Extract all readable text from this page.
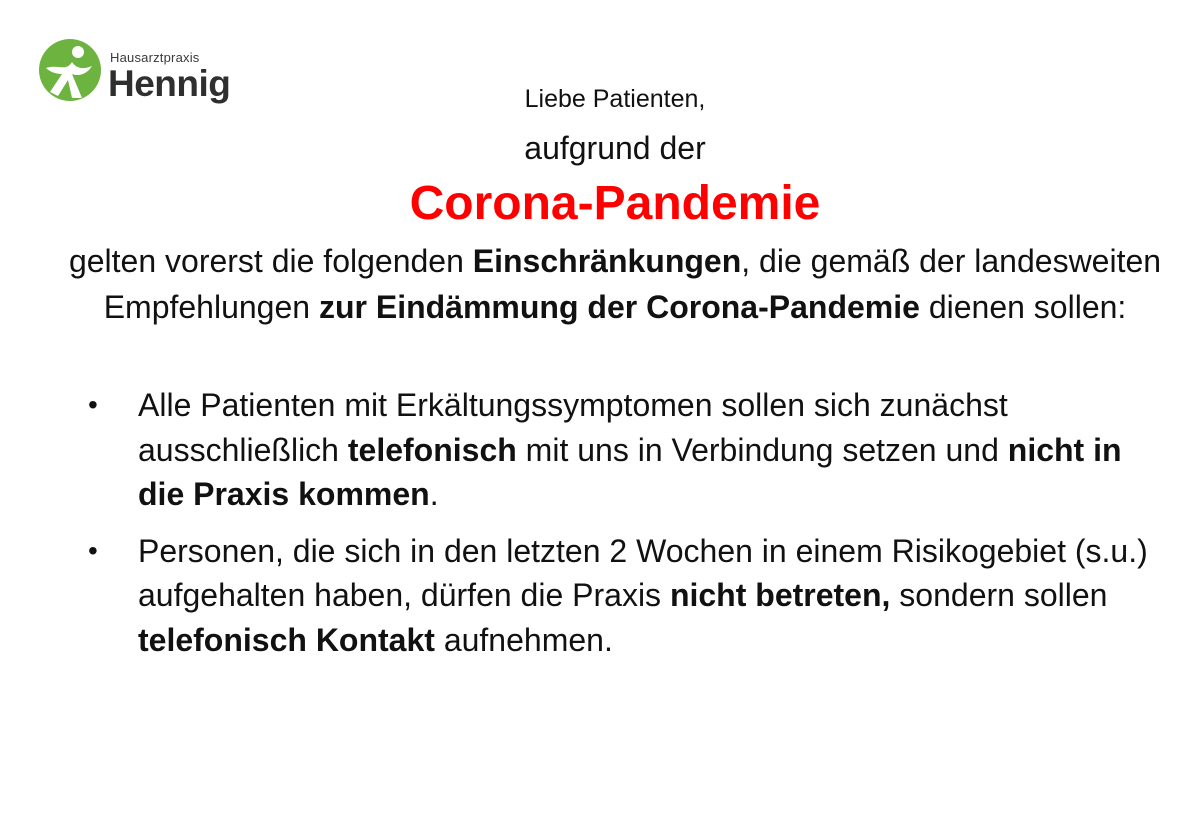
Hausarztpraxis
Hennig	Liebe Patienten,
aufgrund der
Corona-Pandemie
gelten vorerst die folgenden Einschränkungen, die gemäß der landesweiten Empfehlungen zur Eindämmung der Corona-Pandemie dienen sollen:
• Alle Patienten mit Erkältungssymptomen sollen sich zunächst ausschließlich telefonisch mit uns in Verbindung setzen und nicht in die Praxis kommen.
• Personen, die sich in den letzten 2 Wochen in einem Risikogebiet (s.u.) aufgehalten haben, dürfen die Praxis nicht betreten, sondern sollen telefonisch Kontakt aufnehmen.
